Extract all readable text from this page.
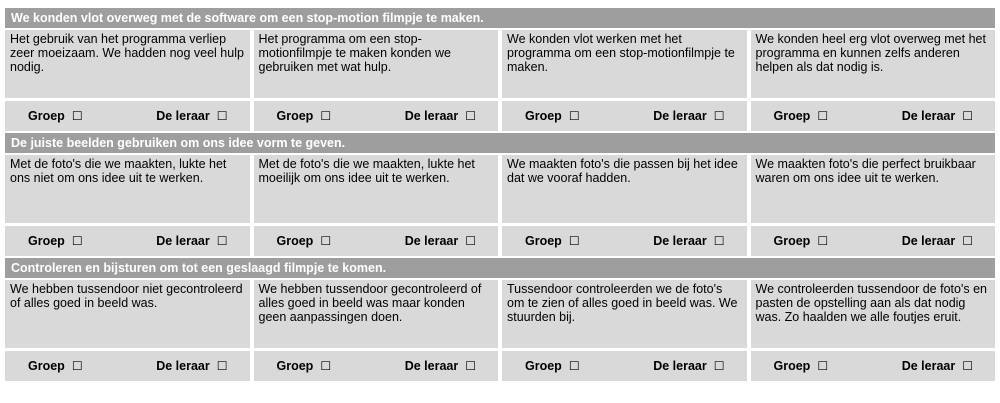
We konden vlot overweg met de software om een stop-motion filmpje te maken.
Het gebruik van het programma verliep zeer moeizaam. We hadden nog veel hulp nodig.
Groep ☐	De leraar ☐
Het programma om een stop-motionfilmpje te maken konden we gebruiken met wat hulp.
Groep ☐	De leraar ☐
We konden vlot werken met het programma om een stop-motionfilmpje te maken.
Groep ☐	De leraar ☐
We konden heel erg vlot overweg met het programma en kunnen zelfs anderen helpen als dat nodig is.
Groep ☐	De leraar ☐
De juiste beelden gebruiken om ons idee vorm te geven.
Met de foto's die we maakten, lukte het ons niet om ons idee uit te werken.
Groep ☐	De leraar ☐
Met de foto's die we maakten, lukte het moeilijk om ons idee uit te werken.
Groep ☐	De leraar ☐
We maakten foto's die passen bij het idee dat we vooraf hadden.
Groep ☐	De leraar ☐
We maakten foto's die perfect bruikbaar waren om ons idee uit te werken.
Groep ☐	De leraar ☐
Controleren en bijsturen om tot een geslaagd filmpje te komen.
We hebben tussendoor niet gecontroleerd of alles goed in beeld was.
Groep ☐	De leraar ☐
We hebben tussendoor gecontroleerd of alles goed in beeld was maar konden geen aanpassingen doen.
Groep ☐	De leraar ☐
Tussendoor controleerden we de foto's om te zien of alles goed in beeld was. We stuurden bij.
Groep ☐	De leraar ☐
We controleerden tussendoor de foto's en pasten de opstelling aan als dat nodig was. Zo haalden we alle foutjes eruit.
Groep ☐	De leraar ☐
